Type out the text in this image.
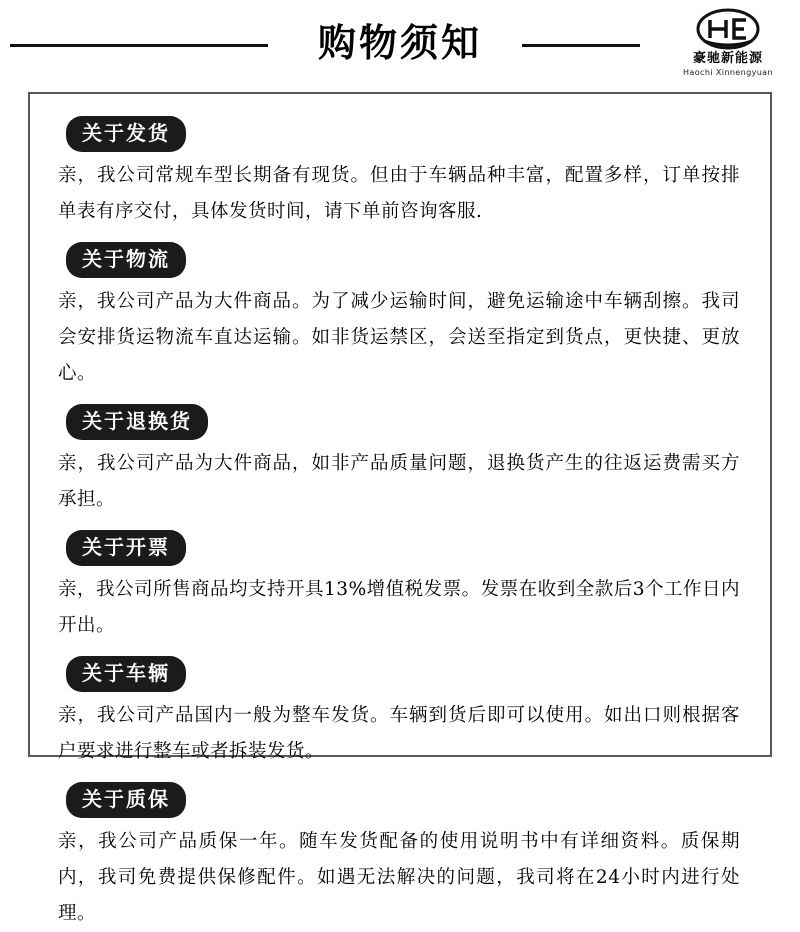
购物须知	豪驰新能源
Haochi Xinnengyuan
关于发货
亲，我公司常规车型长期备有现货。但由于车辆品种丰富，配置多样，订单按排单表有序交付，具体发货时间，请下单前咨询客服.
关于物流
亲，我公司产品为大件商品。为了减少运输时间，避免运输途中车辆刮擦。我司会安排货运物流车直达运输。如非货运禁区，会送至指定到货点，更快捷、更放心。
关于退换货
亲，我公司产品为大件商品，如非产品质量问题，退换货产生的往返运费需买方承担。
关于开票
亲，我公司所售商品均支持开具13%增值税发票。发票在收到全款后3个工作日内开出。
关于车辆
亲，我公司产品国内一般为整车发货。车辆到货后即可以使用。如出口则根据客户要求进行整车或者拆装发货。
关于质保
亲，我公司产品质保一年。随车发货配备的使用说明书中有详细资料。质保期内，我司免费提供保修配件。如遇无法解决的问题，我司将在24小时内进行处理。
